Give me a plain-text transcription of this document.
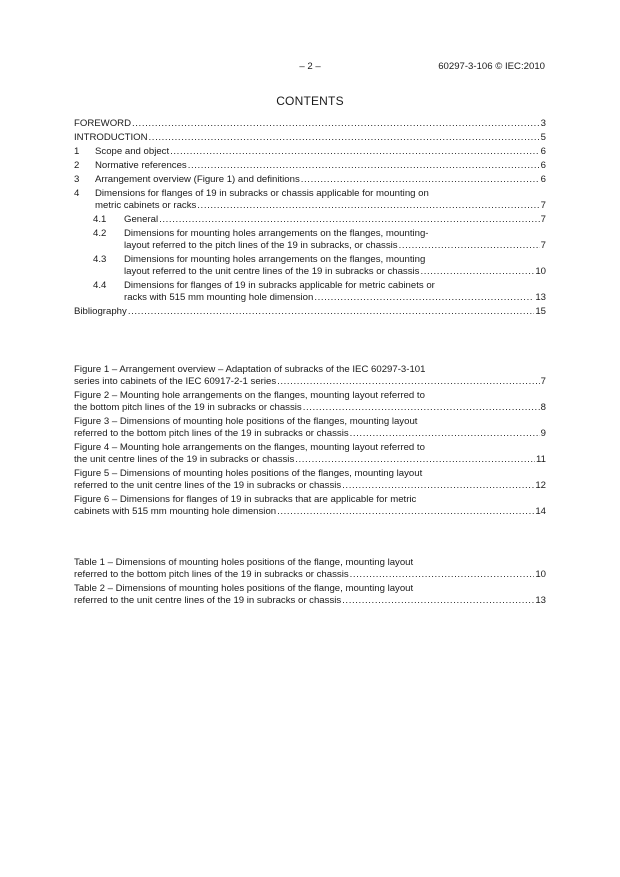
– 2 –	60297-3-106 © IEC:2010
CONTENTS
FOREWORD .....	3
INTRODUCTION .....	5
1	Scope and object .....	6
2	Normative references .....	6
3	Arrangement overview (Figure 1) and definitions .....	6
4	Dimensions for flanges of 19 in subracks or chassis applicable for mounting on
metric cabinets or racks .....	7
4.1	General .....	7
4.2	Dimensions for mounting holes arrangements on the flanges, mounting-
layout referred to the pitch lines of the 19 in subracks, or chassis .....	7
4.3	Dimensions for mounting holes arrangements on the flanges, mounting
layout referred to the unit centre lines of the 19 in subracks or chassis .....	10
4.4	Dimensions for flanges of 19 in subracks applicable for metric cabinets or
racks with 515 mm mounting hole dimension .....	13
Bibliography .....	15
Figure 1 – Arrangement overview – Adaptation of subracks of the IEC 60297-3-101
series into cabinets of the IEC 60917-2-1 series .....	7
Figure 2 – Mounting hole arrangements on the flanges, mounting layout referred to
the bottom pitch lines of the 19 in subracks or chassis .....	8
Figure 3 – Dimensions of mounting hole positions of the flanges, mounting layout
referred to the bottom pitch lines of the 19 in subracks or chassis .....	9
Figure 4 – Mounting hole arrangements on the flanges, mounting layout referred to
the unit centre lines of the 19 in subracks or chassis .....	11
Figure 5 – Dimensions of mounting holes positions of the flanges, mounting layout
referred to the unit centre lines of the 19 in subracks or chassis .....	12
Figure 6 – Dimensions for flanges of 19 in subracks that are applicable for metric
cabinets with 515 mm mounting hole dimension .....	14
Table 1 – Dimensions of mounting holes positions of the flange, mounting layout
referred to the bottom pitch lines of the 19 in subracks or chassis .....	10
Table 2 – Dimensions of mounting holes positions of the flange, mounting layout
referred to the unit centre lines of the 19 in subracks or chassis .....	13
